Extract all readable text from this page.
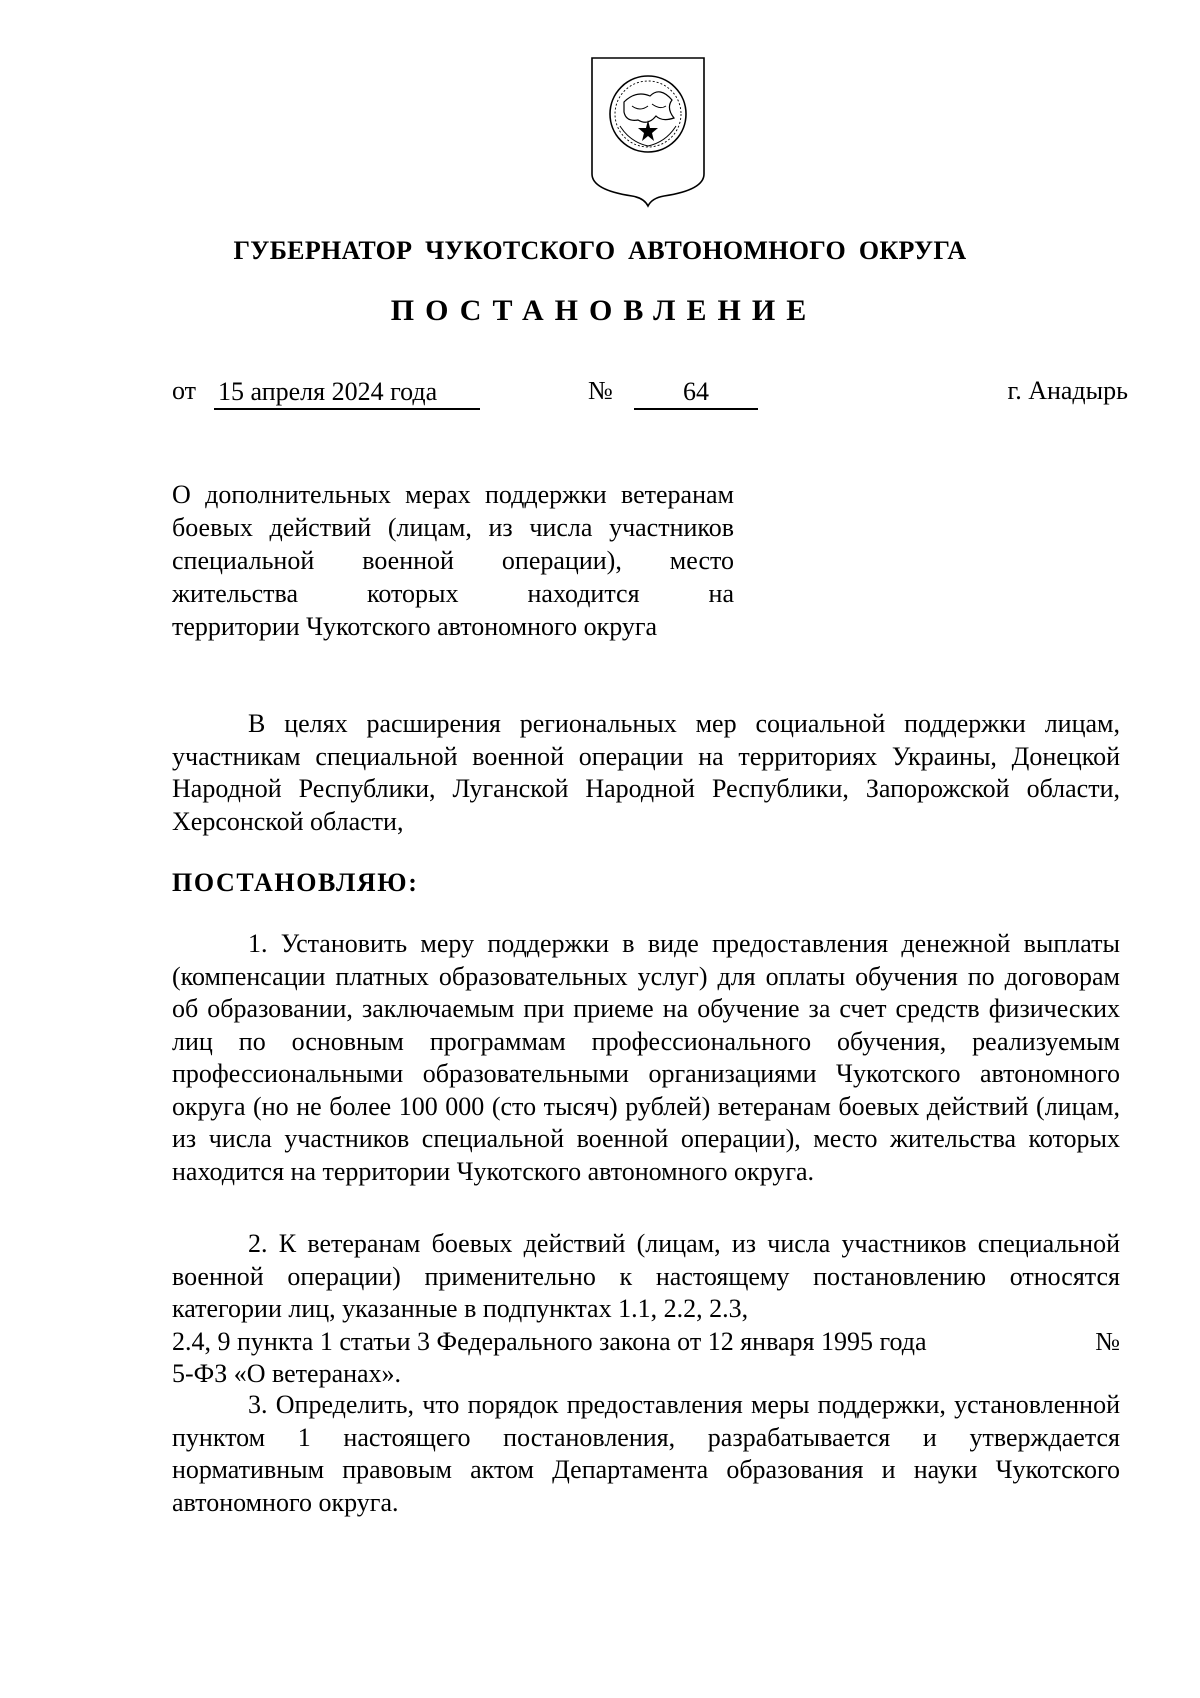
ГУБЕРНАТОР ЧУКОТСКОГО АВТОНОМНОГО ОКРУГА
ПОСТАНОВЛЕНИЕ
от 15 апреля 2024 года	№	64	г. Анадырь

О дополнительных мерах поддержки ветеранам боевых действий (лицам, из числа участников специальной военной операции), место жительства которых находится на
территории Чукотского автономного округа

В целях расширения региональных мер социальной поддержки лицам, участникам специальной военной операции на территориях Украины, Донецкой Народной Республики, Луганской Народной Республики, Запорожской области, Херсонской области,

ПОСТАНОВЛЯЮ:

1. Установить меру поддержки в виде предоставления денежной выплаты (компенсации платных образовательных услуг) для оплаты обучения по договорам об образовании, заключаемым при приеме на обучение за счет средств физических лиц по основным программам профессионального обучения, реализуемым профессиональными образовательными организациями Чукотского автономного округа (но не более 100 000 (сто тысяч) рублей) ветеранам боевых действий (лицам, из числа участников специальной военной операции), место жительства которых находится на территории Чукотского автономного округа.

2. К ветеранам боевых действий (лицам, из числа участников специальной военной операции) применительно к настоящему постановлению относятся категории лиц, указанные в подпунктах 1.1, 2.2, 2.3,
2.4, 9 пункта 1 статьи 3 Федерального закона от 12 января 1995 года	№
5-ФЗ «О ветеранах».

3. Определить, что порядок предоставления меры поддержки, установленной пунктом 1 настоящего постановления, разрабатывается и утверждается нормативным правовым актом Департамента образования и науки Чукотского автономного округа.
